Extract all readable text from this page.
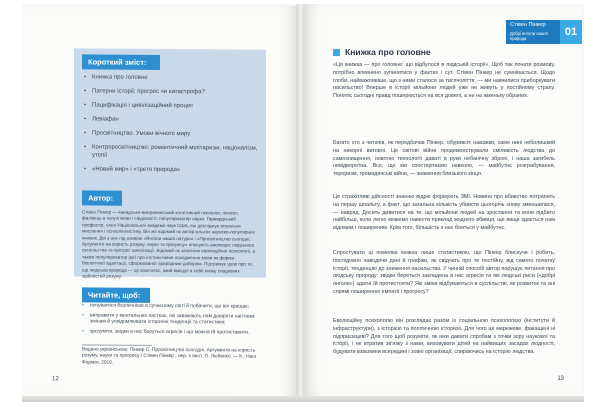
Короткий зміст:
• Книжка про головне
• Патерни історії: прогрес чи катастрофа?
• Пацифікація і цивілізаційний процес
• Левіафан
• Просвітництво. Умови вічного миру
• Контрпросвітництво: романтичний мілітаризм, націоналізм, утопії
• «Новий мир» і «третя природа»
Автор:
Стівен Пінкер — канадсько-американський когнітивний психолог, лінгвіст, фахівець в галузі мови і свідомості, популяризатор науки. Гарвардський професор, член Національної академії наук США, він досліджує візуальне мислення і психолінгвістику. Він же відомий як автор кількох науково-популярних книжок. Дві з них під назвою «Янголи нашої натури» і «Просвітництво сьогодні. Аргументи на користь розуму, науки та прогресу» описують еволюцію людського суспільства та прогрес цивілізації. Відомий як захисник еволюційної психології, а також популяризатор ідеї про інстинктивне походження мови як форми біологічної адаптації, сформованої природним добором. Підтримує ідею про те, що людська природа — це комплекс, який вміщує в себе низку спадкових здібностей розуму.
Читайте, щоб:
• почуватися безпечніше в сучасному світі й побачити, що він кращає;
• виправити у ментальних пастках, які заважають нам довіряти нагітним змінам й усвідомлювати історичні тенденції та статистики;
• зрозуміти, звідки в нас беруться агресія і що можна їй протиставити.
Видано українською: Пінкер С. Просвітництво сьогодні. Аргументи на користь розуму, науки та прогресу / Стівен Пінкер ; пер. з англ. О. Любенко. — К.: Наш Формат, 2019.
12
Стівен Пінкер
Добрі янголи нашої природи
01
Книжка про головне

«Ця книжка — про головне: що відбулося в людській історії». Щоб так почати розмову, потрібно впевнено зупинятися у фактах і сут. Стівен Пінкер не сумнівається. Щодо глоби, найважливіше, що з ними сталося за тисячоліття, — ми навчилися приборкувати насильство! Вперше в історії мільйони людей уже не живуть у постійному страху. Понятіє сьогодні правд пошерюється на вся довелі, а не на жменьку обраних.

Багато хто з читачів, як передбачав Пінкер, обурився: наважки, саме нині неболишкий на никорні витовні. Це світові війни продемонстрували сміливість людства до самознищення, новітню технології даваті в руки небанічну зброю, і наша загибель невідворотна. Все, що ми спостерігаємо навколо, — майбутнє розграбування, тероризм, громадянські війни, — знамення близького кінця.

Це страхітливі дійсності знанню відрю формують ЗМІ. Новина про вбивство потрапить на першу шпальту, а факт, що загальна кількість убивств цьогорічь знову зменшилася, — навряд. Досить дивитися на те, що мільйони людей на зростання та вони підбито найбільш, коли легко можемо навести приклад жодного вбивця, ще вище здається нам відомим і поширеним. Крім того, більшість з нас бояться у майбутнє.

Спростувати ці помилки можна лише статистикою, що Пінкер блискуче і робить, послідовно наводячи дані й графіки, як свідчать про те постійну, від самого початку історії, тенденцію до зниження насильства. У чинній способі автор порушує питання про людську природу: звідки береться закладена в нас агресія та які людські риси («добрі янголи») здатні їй протистояти? Які зміни відбуваються в суспільстві, як розвиток та ані спрямі поширенню емпатії і прогресу?

Еволюційну психологію він розглядає разом із соціальною психологією (інститути й інфраструктури), з історією та політичною історією. Для чого це мережеве, факащені ні підприємцеві? Для того щоб розуміти, як ніки давати спробам з точки зору наукової та історії, і не втратив звʼязку з нами, виховувати дітей на найвищих засадах людності, будувати взаємини всередині і зовні організації, спираючись на історію людства.

13
